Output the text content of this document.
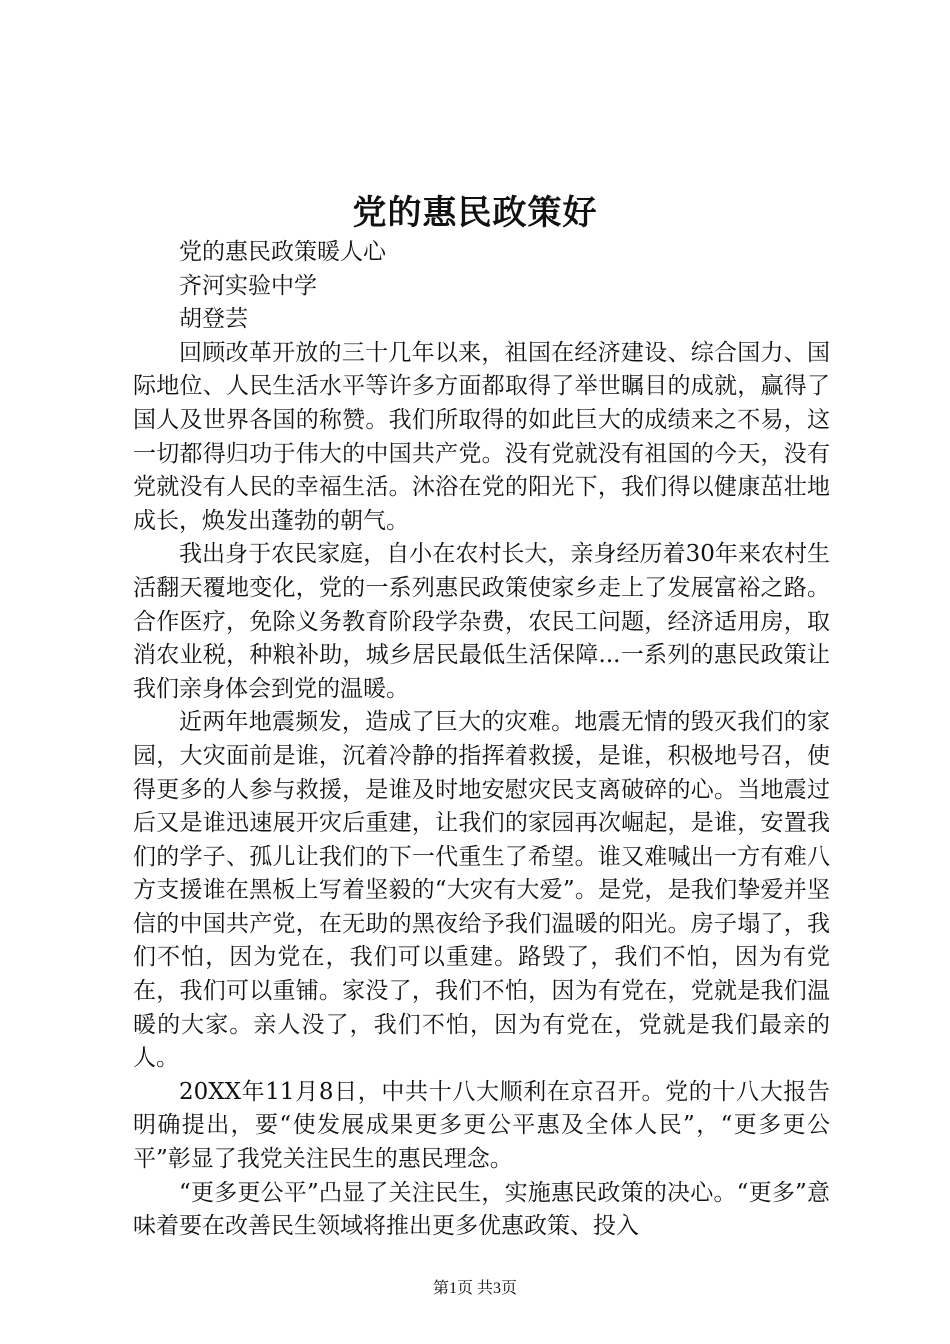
党的惠民政策好

党的惠民政策暖人心

齐河实验中学

胡登芸

回顾改革开放的三十几年以来，祖国在经济建设、综合国力、国际地位、人民生活水平等许多方面都取得了举世瞩目的成就，赢得了国人及世界各国的称赞。我们所取得的如此巨大的成绩来之不易，这一切都得归功于伟大的中国共产党。没有党就没有祖国的今天，没有党就没有人民的幸福生活。沐浴在党的阳光下，我们得以健康茁壮地成长，焕发出蓬勃的朝气。

我出身于农民家庭，自小在农村长大，亲身经历着30年来农村生活翻天覆地变化，党的一系列惠民政策使家乡走上了发展富裕之路。合作医疗，免除义务教育阶段学杂费，农民工问题，经济适用房，取消农业税，种粮补助，城乡居民最低生活保障...一系列的惠民政策让我们亲身体会到党的温暖。

近两年地震频发，造成了巨大的灾难。地震无情的毁灭我们的家园，大灾面前是谁，沉着冷静的指挥着救援，是谁，积极地号召，使得更多的人参与救援，是谁及时地安慰灾民支离破碎的心。当地震过后又是谁迅速展开灾后重建，让我们的家园再次崛起，是谁，安置我们的学子、孤儿让我们的下一代重生了希望。谁又难喊出一方有难八方支援谁在黑板上写着坚毅的“大灾有大爱”。是党，是我们挚爱并坚信的中国共产党，在无助的黑夜给予我们温暖的阳光。房子塌了，我们不怕，因为党在，我们可以重建。路毁了，我们不怕，因为有党在，我们可以重铺。家没了，我们不怕，因为有党在，党就是我们温暖的大家。亲人没了，我们不怕，因为有党在，党就是我们最亲的人。

20XX年11月8日，中共十八大顺利在京召开。党的十八大报告明确提出，要“使发展成果更多更公平惠及全体人民”，“更多更公平”彰显了我党关注民生的惠民理念。

“更多更公平”凸显了关注民生，实施惠民政策的决心。“更多”意味着要在改善民生领域将推出更多优惠政策、投入

第1页 共3页
